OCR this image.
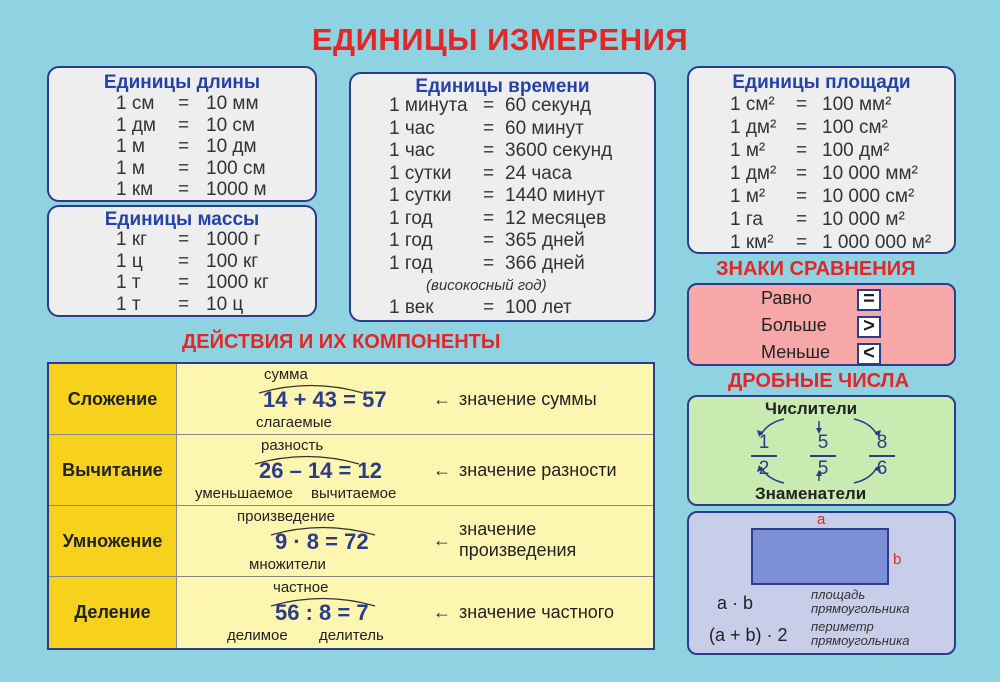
ЕДИНИЦЫ ИЗМЕРЕНИЯ
Единицы длины
Единицы массы
Единицы времени	Единицы площади
1 см = 10 мм
1 дм = 10 см
1 м = 10 дм
1 м = 100 см
1 км = 1000 м
1 кг = 1000 г
1 ц = 100 кг
1 т = 1000 кг
1 т = 10 ц
1 минута = 60 секунд
1 час	= 60 минут
1 час	= 3600 секунд
1 сутки = 24 часа
1 сутки = 1440 минут
1 год	= 12 месяцев
1 год	= 365 дней
1 год	= 366 дней
1 см² = 100 мм²
1 дм² = 100 см²
1 м² = 100 дм²
1 дм² = 10 000 мм²
1 м² = 10 000 см²
1 га = 10 000 м²
1 км² = 1 000 000 м²
(високосный год)
1 век	= 100 лет
ДЕЙСТВИЯ И ИХ КОМПОНЕНТЫ
Сложение
сумма
14 + 43 = 57
слагаемые
← значение суммы
Вычитание
разность
26 – 14 = 12
уменьшаемое вычитаемое
← значение разности
Умножение
произведение
9 · 8 = 72
множители
←
значение произведения
Деление
частное
56 : 8 = 7
делимое делитель
← значение частного
ЗНАКИ СРАВНЕНИЯ
Равно	=
Больше	>
Меньше	<
ДРОБНЫЕ ЧИСЛА
Числители
Знаменатели
1
2
5
5
8
6
a
b
a · b	площадь
прямоугольника
(a + b) · 2 периметр
прямоугольника
